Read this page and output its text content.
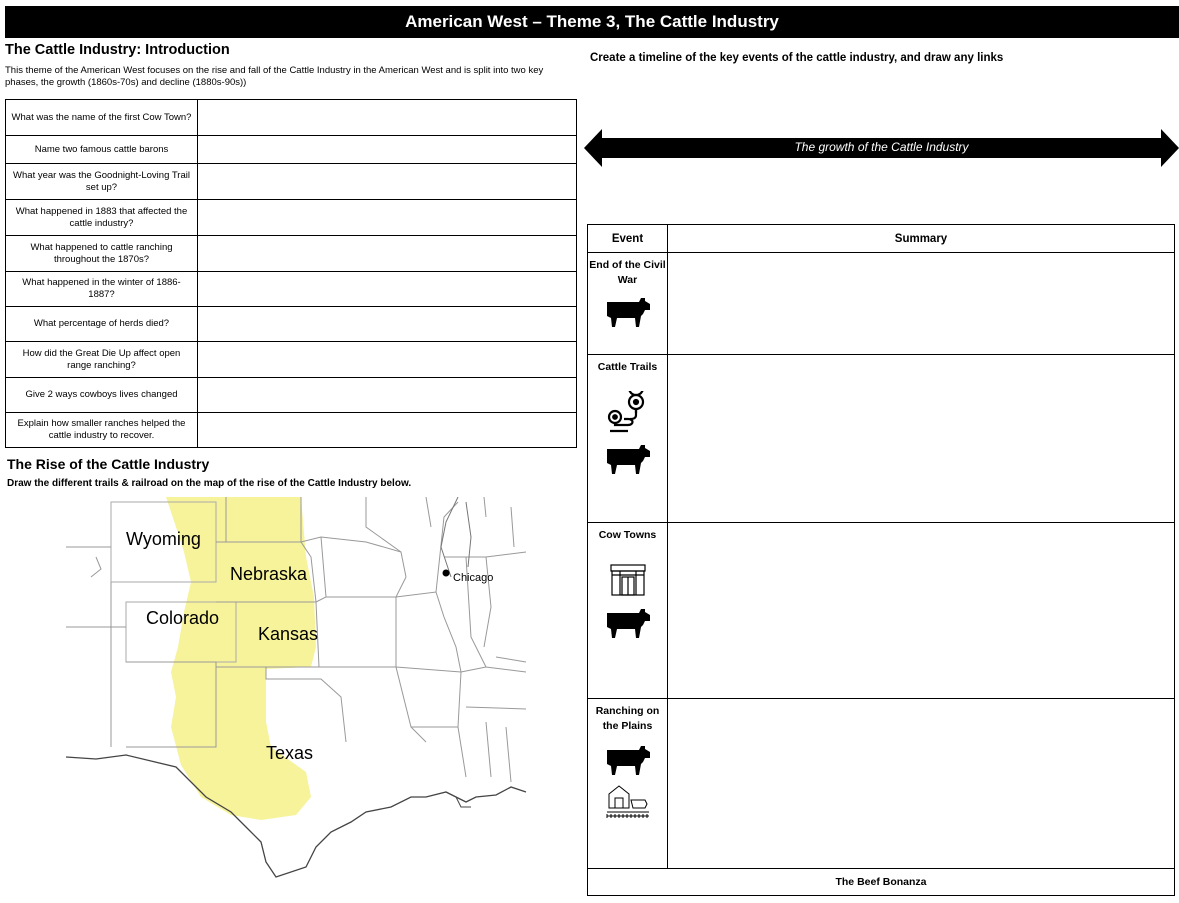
American West – Theme 3, The Cattle Industry
The Cattle Industry: Introduction
This theme of the American West focuses on the rise and fall of the Cattle Industry in the American West and is split into two key phases, the growth (1860s-70s) and decline (1880s-90s))
What was the name of the first Cow Town?	
Name two famous cattle barons	
What year was the Goodnight-Loving Trail set up?	
What happened in 1883 that affected the cattle industry?	
What happened to cattle ranching throughout the 1870s?	
What happened in the winter of 1886-1887?	
What percentage of herds died?	
How did the Great Die Up affect open range ranching?	
Give 2 ways cowboys lives changed	
Explain how smaller ranches helped the cattle industry to recover.	
The Rise of the Cattle Industry
Draw the different trails & railroad on the map of the rise of the Cattle Industry below.
Chicago
Wyoming
Nebraska
Colorado
Kansas
Texas
Create a timeline of the key events of the cattle industry, and draw any links
The growth of the Cattle Industry
Event	Summary

End of the Civil War	

Cattle Trails	

Cow Towns	

Ranching on the Plains	

The Beef Bonanza	
